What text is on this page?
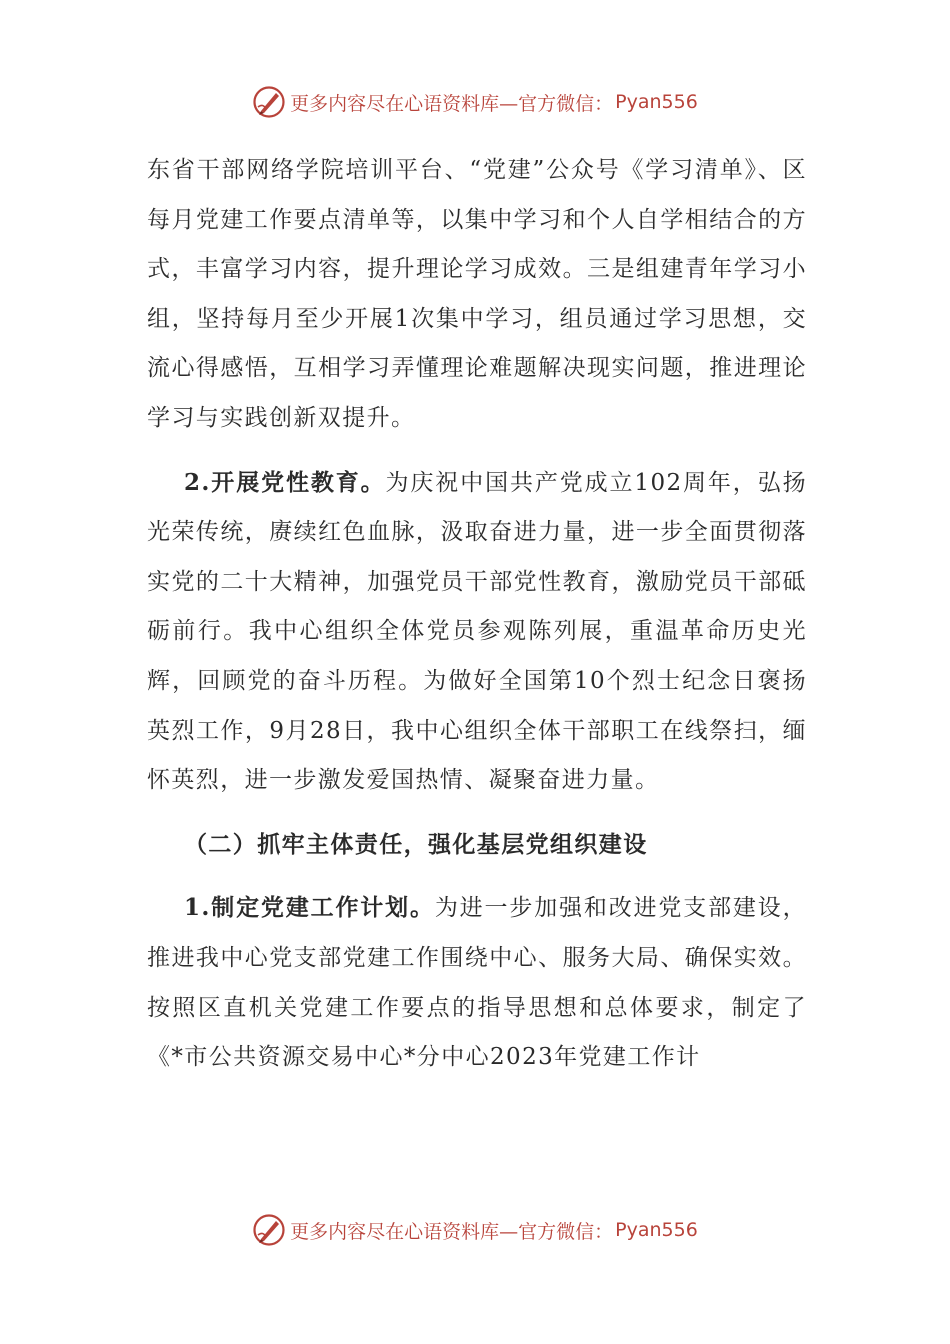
更多内容尽在心语资料库—官方微信： Pyan556

东省干部网络学院培训平台、“党建”公众号《学习清单》、区每月党建工作要点清单等，以集中学习和个人自学相结合的方式，丰富学习内容，提升理论学习成效。三是组建青年学习小组，坚持每月至少开展1次集中学习，组员通过学习思想，交流心得感悟，互相学习弄懂理论难题解决现实问题，推进理论学习与实践创新双提升。

2.开展党性教育。为庆祝中国共产党成立102周年，弘扬光荣传统，赓续红色血脉，汲取奋进力量，进一步全面贯彻落实党的二十大精神，加强党员干部党性教育，激励党员干部砥砺前行。我中心组织全体党员参观陈列展，重温革命历史光辉，回顾党的奋斗历程。为做好全国第10个烈士纪念日褒扬英烈工作，9月28日，我中心组织全体干部职工在线祭扫，缅怀英烈，进一步激发爱国热情、凝聚奋进力量。

（二）抓牢主体责任，强化基层党组织建设

1.制定党建工作计划。为进一步加强和改进党支部建设，推进我中心党支部党建工作围绕中心、服务大局、确保实效。按照区直机关党建工作要点的指导思想和总体要求，制定了《*市公共资源交易中心*分中心2023年党建工作计

更多内容尽在心语资料库—官方微信： Pyan556
